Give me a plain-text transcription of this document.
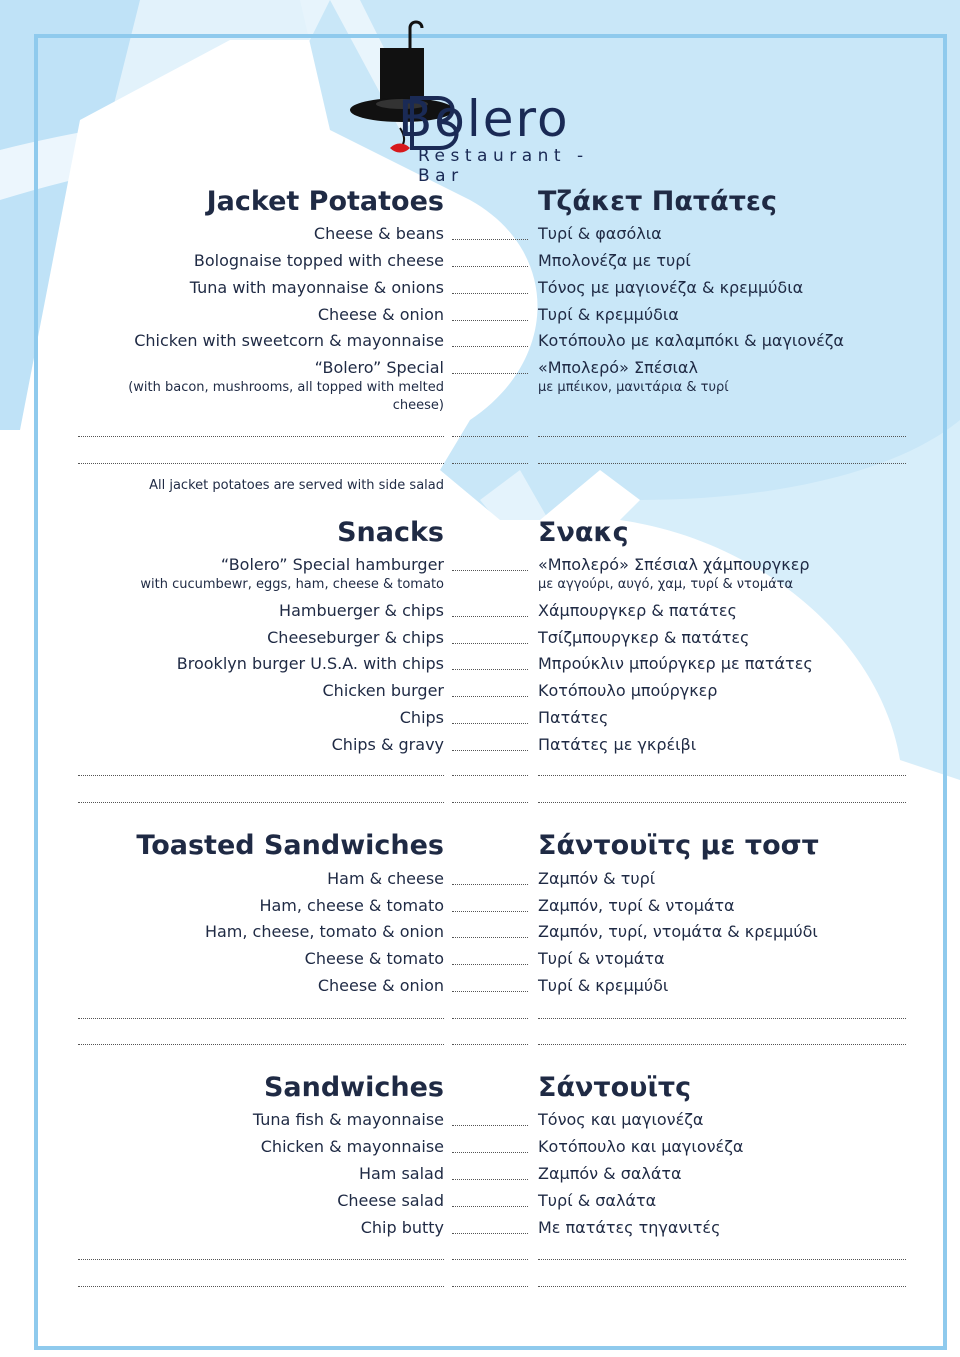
Bolero
Restaurant - Bar
Jacket Potatoes	Τζάκετ Πατάτες
Cheese & beans	Τυρί & φασόλια
Bolognaise topped with cheese	Μπολονέζα με τυρί
Tuna with mayonnaise & onions	Τόνος με μαγιονέζα & κρεμμύδια
Cheese & onion	Τυρί & κρεμμύδια
Chicken with sweetcorn & mayonnaise	Κοτόπουλο με καλαμπόκι & μαγιονέζα
“Bolero” Special	«Μπολερό» Σπέσιαλ
(with bacon, mushrooms, all topped with melted cheese)
με μπέικον, μανιτάρια & τυρί
All jacket potatoes are served with side salad
Snacks	Σνακς
“Bolero” Special hamburger	«Μπολερό» Σπέσιαλ χάμπουργκερ
with cucumbewr, eggs, ham, cheese & tomato	με αγγούρι, αυγό, χαμ, τυρί & ντομάτα
Hambuerger & chips	Χάμπουργκερ & πατάτες
Cheeseburger & chips	Τσίζμπουργκερ & πατάτες
Brooklyn burger U.S.A. with chips	Μπρούκλιν μπούργκερ με πατάτες
Chicken burger	Κοτόπουλο μπούργκερ
Chips	Πατάτες
Chips & gravy	Πατάτες με γκρέιβι
Toasted Sandwiches	Σάντουϊτς με τοστ
Ham & cheese	Ζαμπόν & τυρί
Ham, cheese & tomato	Ζαμπόν, τυρί & ντομάτα
Ham, cheese, tomato & onion	Ζαμπόν, τυρί, ντομάτα & κρεμμύδι
Cheese & tomato	Τυρί & ντομάτα
Cheese & onion	Τυρί & κρεμμύδι
Sandwiches	Σάντουϊτς
Tuna fish & mayonnaise	Τόνος και μαγιονέζα
Chicken & mayonnaise	Κοτόπουλο και μαγιονέζα
Ham salad	Ζαμπόν & σαλάτα
Cheese salad	Τυρί & σαλάτα
Chip butty	Με πατάτες τηγανιτές
